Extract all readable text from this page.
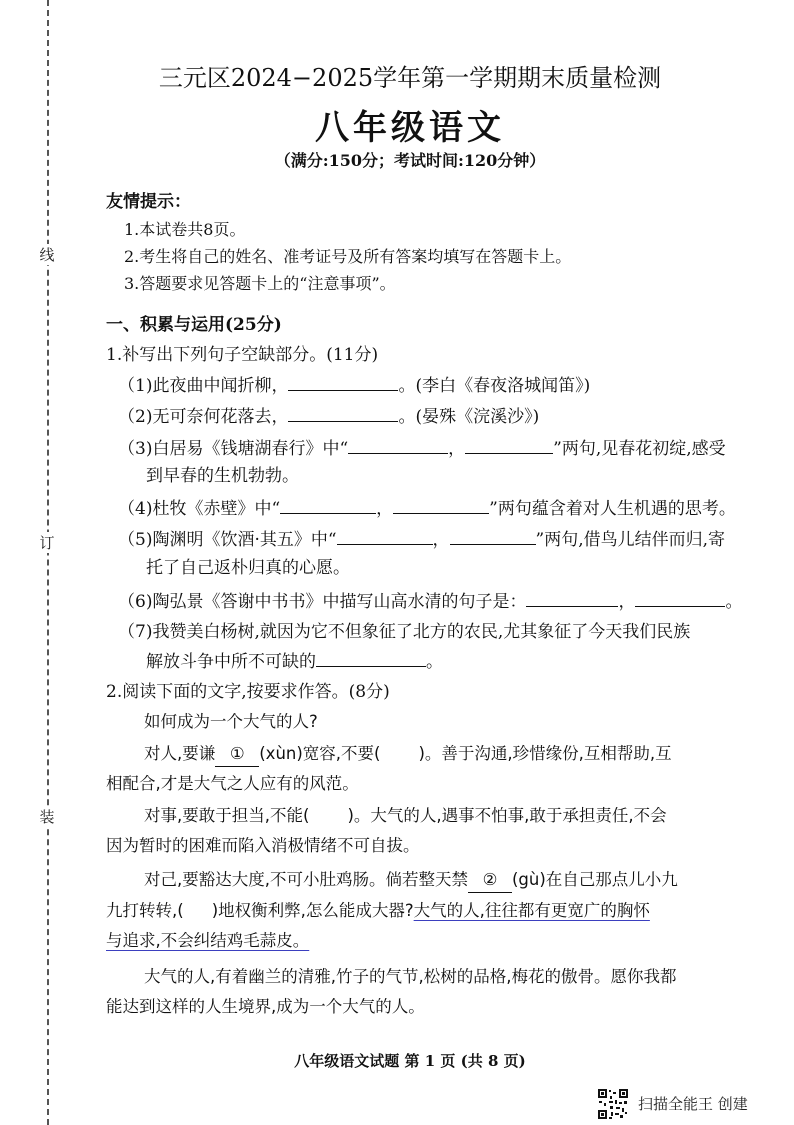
线
订
装
三元区2024−2025学年第一学期期末质量检测
八年级语文
（满分:150分；考试时间:120分钟）
友情提示：
1.本试卷共8页。
2.考生将自己的姓名、准考证号及所有答案均填写在答题卡上。
3.答题要求见答题卡上的“注意事项”。
一、积累与运用(25分)
1.补写出下列句子空缺部分。(11分)
（1)此夜曲中闻折柳，	。(李白《春夜洛城闻笛》)
（2)无可奈何花落去，	。(晏殊《浣溪沙》)
（3)白居易《钱塘湖春行》中“	，	”两句,见春花初绽,感受
到早春的生机勃勃。
（4)杜牧《赤壁》中“	，	”两句蕴含着对人生机遇的思考。
（5)陶渊明《饮酒·其五》中“	，	”两句,借鸟儿结伴而归,寄
托了自己返朴归真的心愿。
（6)陶弘景《答谢中书书》中描写山高水清的句子是：	，	。
（7)我赞美白杨树,就因为它不但象征了北方的农民,尤其象征了今天我们民族
解放斗争中所不可缺的	。
2.阅读下面的文字,按要求作答。(8分)
如何成为一个大气的人?
对人,要谦 ① (xùn)宽容,不要( )。善于沟通,珍惜缘份,互相帮助,互
相配合,才是大气之人应有的风范。
对事,要敢于担当,不能( )。大气的人,遇事不怕事,敢于承担责任,不会
因为暂时的困难而陷入消极情绪不可自拔。
对己,要豁达大度,不可小肚鸡肠。倘若整天禁 ② (gù)在自己那点儿小九
九打转转,( )地权衡利弊,怎么能成大器?大气的人,往往都有更宽广的胸怀
与追求,不会纠结鸡毛蒜皮。
大气的人,有着幽兰的清雅,竹子的气节,松树的品格,梅花的傲骨。愿你我都
能达到这样的人生境界,成为一个大气的人。
八年级语文试题 第 1 页 (共 8 页)
扫描全能王 创建
